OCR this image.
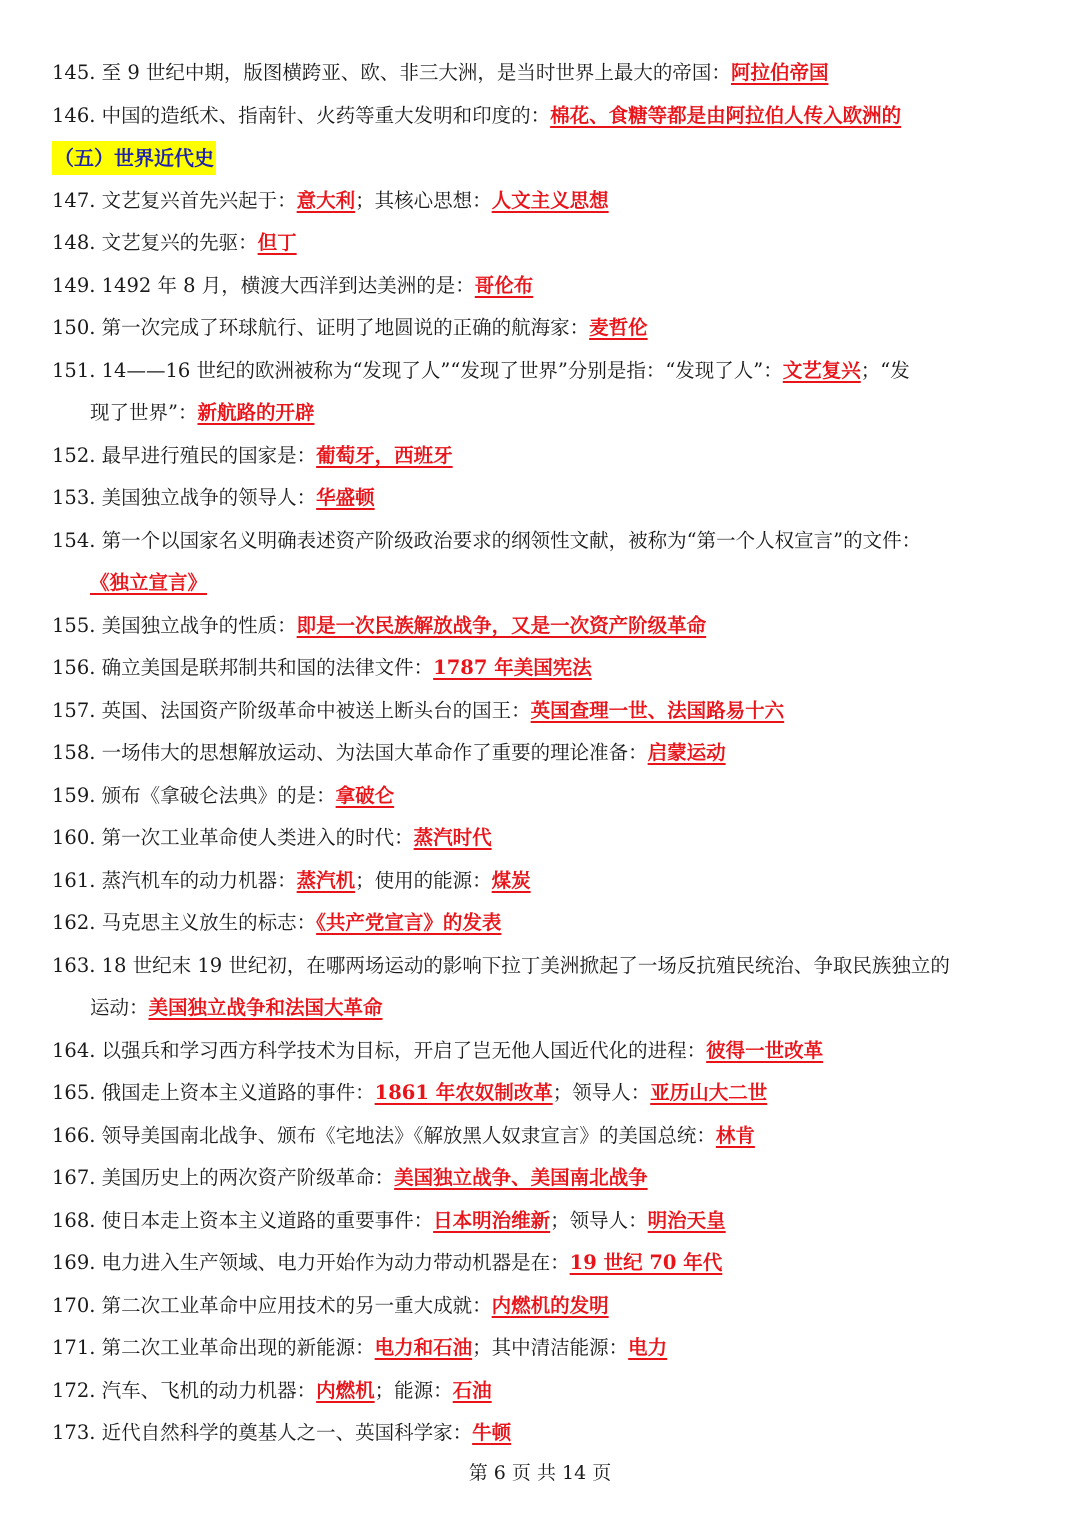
145. 至 9 世纪中期，版图横跨亚、欧、非三大洲，是当时世界上最大的帝国：阿拉伯帝国
146. 中国的造纸术、指南针、火药等重大发明和印度的：棉花、食糖等都是由阿拉伯人传入欧洲的
（五）世界近代史
147. 文艺复兴首先兴起于：意大利；其核心思想：人文主义思想
148. 文艺复兴的先驱：但丁
149. 1492 年 8 月，横渡大西洋到达美洲的是：哥伦布
150. 第一次完成了环球航行、证明了地圆说的正确的航海家：麦哲伦
151. 14——16 世纪的欧洲被称为“发现了人”“发现了世界”分别是指：“发现了人”：文艺复兴；“发
现了世界”：新航路的开辟
152. 最早进行殖民的国家是：葡萄牙，西班牙
153. 美国独立战争的领导人：华盛顿
154. 第一个以国家名义明确表述资产阶级政治要求的纲领性文献，被称为“第一个人权宣言”的文件：
《独立宣言》
155. 美国独立战争的性质：即是一次民族解放战争，又是一次资产阶级革命
156. 确立美国是联邦制共和国的法律文件：1787 年美国宪法
157. 英国、法国资产阶级革命中被送上断头台的国王：英国查理一世、法国路易十六
158. 一场伟大的思想解放运动、为法国大革命作了重要的理论准备：启蒙运动
159. 颁布《拿破仑法典》的是：拿破仑
160. 第一次工业革命使人类进入的时代：蒸汽时代
161. 蒸汽机车的动力机器：蒸汽机；使用的能源：煤炭
162. 马克思主义放生的标志：《共产党宣言》的发表
163. 18 世纪末 19 世纪初，在哪两场运动的影响下拉丁美洲掀起了一场反抗殖民统治、争取民族独立的
运动：美国独立战争和法国大革命
164. 以强兵和学习西方科学技术为目标，开启了岂无他人国近代化的进程：彼得一世改革
165. 俄国走上资本主义道路的事件：1861 年农奴制改革；领导人：亚历山大二世
166. 领导美国南北战争、颁布《宅地法》《解放黑人奴隶宣言》的美国总统：林肯
167. 美国历史上的两次资产阶级革命：美国独立战争、美国南北战争
168. 使日本走上资本主义道路的重要事件：日本明治维新；领导人：明治天皇
169. 电力进入生产领域、电力开始作为动力带动机器是在：19 世纪 70 年代
170. 第二次工业革命中应用技术的另一重大成就：内燃机的发明
171. 第二次工业革命出现的新能源：电力和石油；其中清洁能源：电力
172. 汽车、飞机的动力机器：内燃机；能源：石油
173. 近代自然科学的奠基人之一、英国科学家：牛顿
第 6 页 共 14 页
